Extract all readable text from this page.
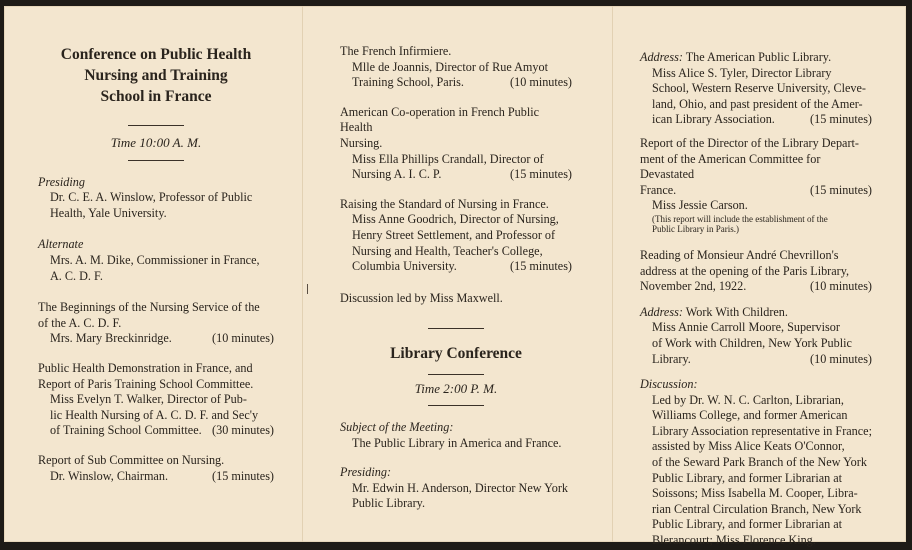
Conference on Public Health
Nursing and Training
School in France
Time 10:00 A. M.

Presiding

Dr. C. E. A. Winslow, Professor of Public

Health, Yale University.

Alternate

Mrs. A. M. Dike, Commissioner in France,

A. C. D. F.

The Beginnings of the Nursing Service of the

of the A. C. D. F.

Mrs. Mary Breckinridge.	(10 minutes)

Public Health Demonstration in France, and

Report of Paris Training School Committee.

Miss Evelyn T. Walker, Director of Pub-

lic Health Nursing of A. C. D. F. and Sec'y

of Training School Committee. (30 minutes)

Report of Sub Committee on Nursing.

Dr. Winslow, Chairman.	(15 minutes)

The French Infirmiere.

Mlle de Joannis, Director of Rue Amyot

Training School, Paris.	(10 minutes)

American Co-operation in French Public Health

Nursing.

Miss Ella Phillips Crandall, Director of

Nursing A. I. C. P.	(15 minutes)

Raising the Standard of Nursing in France.

Miss Anne Goodrich, Director of Nursing,

Henry Street Settlement, and Professor of

Nursing and Health, Teacher's College,

Columbia University.	(15 minutes)

Discussion led by Miss Maxwell.

Library Conference
Time 2:00 P. M.

Subject of the Meeting:

The Public Library in America and France.

Presiding:

Mr. Edwin H. Anderson, Director New York

Public Library.

Address: The American Public Library.

Miss Alice S. Tyler, Director Library

School, Western Reserve University, Cleve-

land, Ohio, and past president of the Amer-

ican Library Association.	(15 minutes)

Report of the Director of the Library Depart-

ment of the American Committee for Devastated

France.	(15 minutes)

Miss Jessie Carson.

(This report will include the establishment of the

Public Library in Paris.)

Reading of Monsieur André Chevrillon's

address at the opening of the Paris Library,

November 2nd, 1922.	(10 minutes)

Address: Work With Children.

Miss Annie Carroll Moore, Supervisor

of Work with Children, New York Public

Library.	(10 minutes)

Discussion:

Led by Dr. W. N. C. Carlton, Librarian,

Williams College, and former American

Library Association representative in France;

assisted by Miss Alice Keats O'Connor,

of the Seward Park Branch of the New York

Public Library, and former Librarian at

Soissons; Miss Isabella M. Cooper, Libra-

rian Central Circulation Branch, New York

Public Library, and former Librarian at

Blerancourt; Miss Florence King.
